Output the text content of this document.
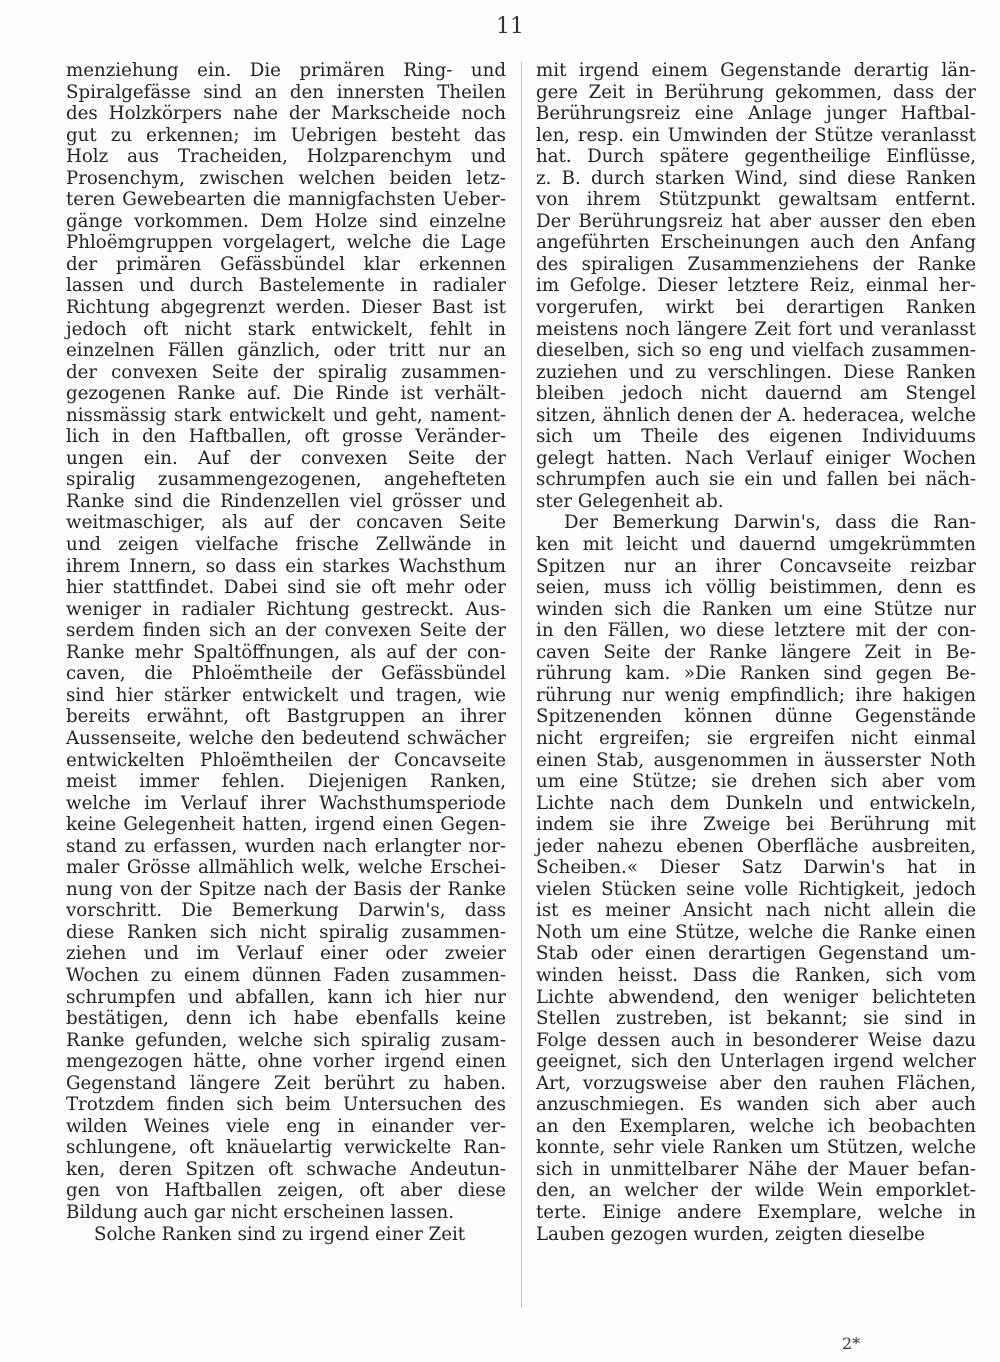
11
menziehung ein. Die primären Ring- und
Spiralgefässe sind an den innersten Theilen
des Holzkörpers nahe der Markscheide noch
gut zu erkennen; im Uebrigen besteht das
Holz aus Tracheiden, Holzparenchym und
Prosenchym, zwischen welchen beiden letz-
teren Gewebearten die mannigfachsten Ueber-
gänge vorkommen. Dem Holze sind einzelne
Phloëmgruppen vorgelagert, welche die Lage
der primären Gefässbündel klar erkennen
lassen und durch Bastelemente in radialer
Richtung abgegrenzt werden. Dieser Bast ist
jedoch oft nicht stark entwickelt, fehlt in
einzelnen Fällen gänzlich, oder tritt nur an
der convexen Seite der spiralig zusammen-
gezogenen Ranke auf. Die Rinde ist verhält-
nissmässig stark entwickelt und geht, nament-
lich in den Haftballen, oft grosse Veränder-
ungen ein. Auf der convexen Seite der
spiralig zusammengezogenen, angehefteten
Ranke sind die Rindenzellen viel grösser und
weitmaschiger, als auf der concaven Seite
und zeigen vielfache frische Zellwände in
ihrem Innern, so dass ein starkes Wachsthum
hier stattfindet. Dabei sind sie oft mehr oder
weniger in radialer Richtung gestreckt. Aus-
serdem finden sich an der convexen Seite der
Ranke mehr Spaltöffnungen, als auf der con-
caven, die Phloëmtheile der Gefässbündel
sind hier stärker entwickelt und tragen, wie
bereits erwähnt, oft Bastgruppen an ihrer
Aussenseite, welche den bedeutend schwächer
entwickelten Phloëmtheilen der Concavseite
meist immer fehlen. Diejenigen Ranken,
welche im Verlauf ihrer Wachsthumsperiode
keine Gelegenheit hatten, irgend einen Gegen-
stand zu erfassen, wurden nach erlangter nor-
maler Grösse allmählich welk, welche Erschei-
nung von der Spitze nach der Basis der Ranke
vorschritt. Die Bemerkung Darwin's, dass
diese Ranken sich nicht spiralig zusammen-
ziehen und im Verlauf einer oder zweier
Wochen zu einem dünnen Faden zusammen-
schrumpfen und abfallen, kann ich hier nur
bestätigen, denn ich habe ebenfalls keine
Ranke gefunden, welche sich spiralig zusam-
mengezogen hätte, ohne vorher irgend einen
Gegenstand längere Zeit berührt zu haben.
Trotzdem finden sich beim Untersuchen des
wilden Weines viele eng in einander ver-
schlungene, oft knäuelartig verwickelte Ran-
ken, deren Spitzen oft schwache Andeutun-
gen von Haftballen zeigen, oft aber diese
Bildung auch gar nicht erscheinen lassen.
Solche Ranken sind zu irgend einer Zeit
mit irgend einem Gegenstande derartig län-
gere Zeit in Berührung gekommen, dass der
Berührungsreiz eine Anlage junger Haftbal-
len, resp. ein Umwinden der Stütze veranlasst
hat. Durch spätere gegentheilige Einflüsse,
z. B. durch starken Wind, sind diese Ranken
von ihrem Stützpunkt gewaltsam entfernt.
Der Berührungsreiz hat aber ausser den eben
angeführten Erscheinungen auch den Anfang
des spiraligen Zusammenziehens der Ranke
im Gefolge. Dieser letztere Reiz, einmal her-
vorgerufen, wirkt bei derartigen Ranken
meistens noch längere Zeit fort und veranlasst
dieselben, sich so eng und vielfach zusammen-
zuziehen und zu verschlingen. Diese Ranken
bleiben jedoch nicht dauernd am Stengel
sitzen, ähnlich denen der A. hederacea, welche
sich um Theile des eigenen Individuums
gelegt hatten. Nach Verlauf einiger Wochen
schrumpfen auch sie ein und fallen bei näch-
ster Gelegenheit ab.
Der Bemerkung Darwin's, dass die Ran-
ken mit leicht und dauernd umgekrümmten
Spitzen nur an ihrer Concavseite reizbar
seien, muss ich völlig beistimmen, denn es
winden sich die Ranken um eine Stütze nur
in den Fällen, wo diese letztere mit der con-
caven Seite der Ranke längere Zeit in Be-
rührung kam. »Die Ranken sind gegen Be-
rührung nur wenig empfindlich; ihre hakigen
Spitzenenden können dünne Gegenstände
nicht ergreifen; sie ergreifen nicht einmal
einen Stab, ausgenommen in äusserster Noth
um eine Stütze; sie drehen sich aber vom
Lichte nach dem Dunkeln und entwickeln,
indem sie ihre Zweige bei Berührung mit
jeder nahezu ebenen Oberfläche ausbreiten,
Scheiben.« Dieser Satz Darwin's hat in
vielen Stücken seine volle Richtigkeit, jedoch
ist es meiner Ansicht nach nicht allein die
Noth um eine Stütze, welche die Ranke einen
Stab oder einen derartigen Gegenstand um-
winden heisst. Dass die Ranken, sich vom
Lichte abwendend, den weniger belichteten
Stellen zustreben, ist bekannt; sie sind in
Folge dessen auch in besonderer Weise dazu
geeignet, sich den Unterlagen irgend welcher
Art, vorzugsweise aber den rauhen Flächen,
anzuschmiegen. Es wanden sich aber auch
an den Exemplaren, welche ich beobachten
konnte, sehr viele Ranken um Stützen, welche
sich in unmittelbarer Nähe der Mauer befan-
den, an welcher der wilde Wein emporklet-
terte. Einige andere Exemplare, welche in
Lauben gezogen wurden, zeigten dieselbe
2*
